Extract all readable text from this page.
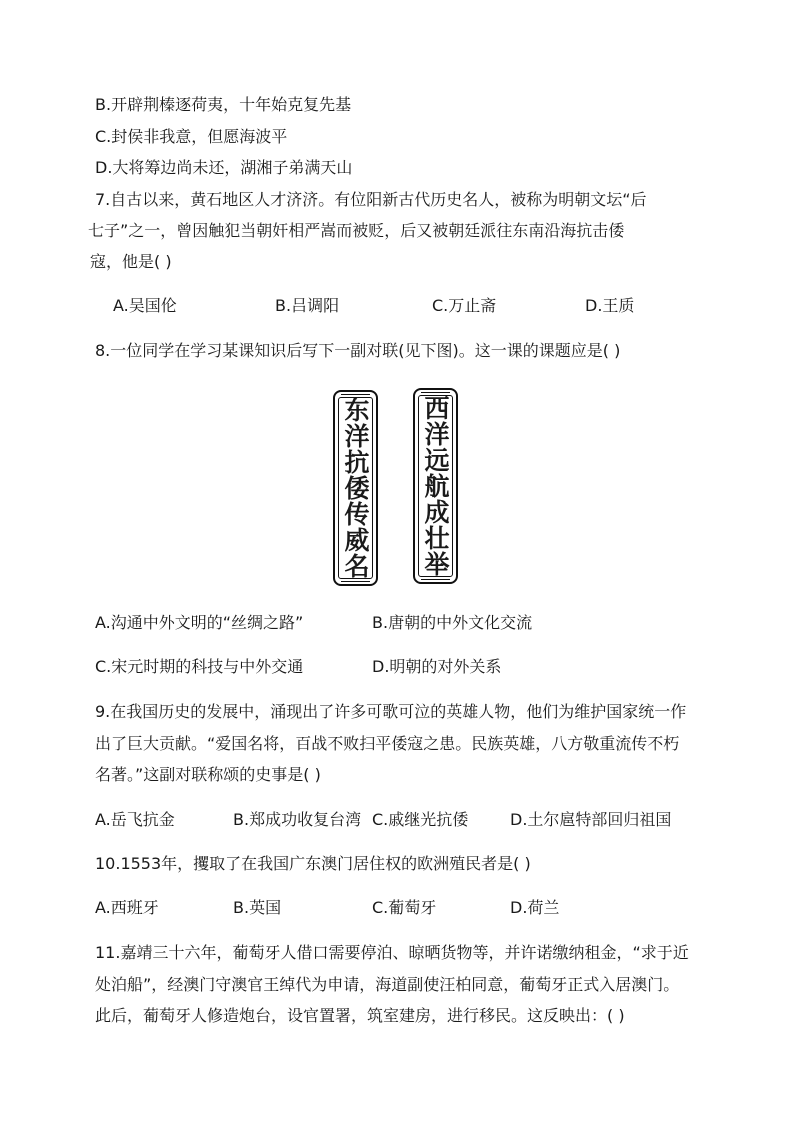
B.开辟荆榛逐荷夷，十年始克复先基
C.封侯非我意，但愿海波平
D.大将筹边尚未还，湖湘子弟满天山
7.自古以来，黄石地区人才济济。有位阳新古代历史名人，被称为明朝文坛“后
七子”之一，曾因触犯当朝奸相严嵩而被贬，后又被朝廷派往东南沿海抗击倭
寇，他是( )
A.吴国伦	B.吕调阳	C.万止斋	D.王质
8.一位同学在学习某课知识后写下一副对联(见下图)。这一课的课题应是( )
东洋抗倭传威名 西洋远航成壮举
A.沟通中外文明的“丝绸之路”	B.唐朝的中外文化交流
C.宋元时期的科技与中外交通	D.明朝的对外关系
9.在我国历史的发展中，涌现出了许多可歌可泣的英雄人物，他们为维护国家统一作
出了巨大贡献。“爱国名将，百战不败扫平倭寇之患。民族英雄，八方敬重流传不朽
名著。”这副对联称颂的史事是( )
A.岳飞抗金	B.郑成功收复台湾 C.戚继光抗倭	D.土尔扈特部回归祖国
10.1553年，攫取了在我国广东澳门居住权的欧洲殖民者是( )
A.西班牙	B.英国	C.葡萄牙	D.荷兰
11.嘉靖三十六年，葡萄牙人借口需要停泊、晾晒货物等，并许诺缴纳租金，“求于近
处泊船”，经澳门守澳官王绰代为申请，海道副使汪柏同意，葡萄牙正式入居澳门。
此后，葡萄牙人修造炮台，设官置署，筑室建房，进行移民。这反映出：( )
